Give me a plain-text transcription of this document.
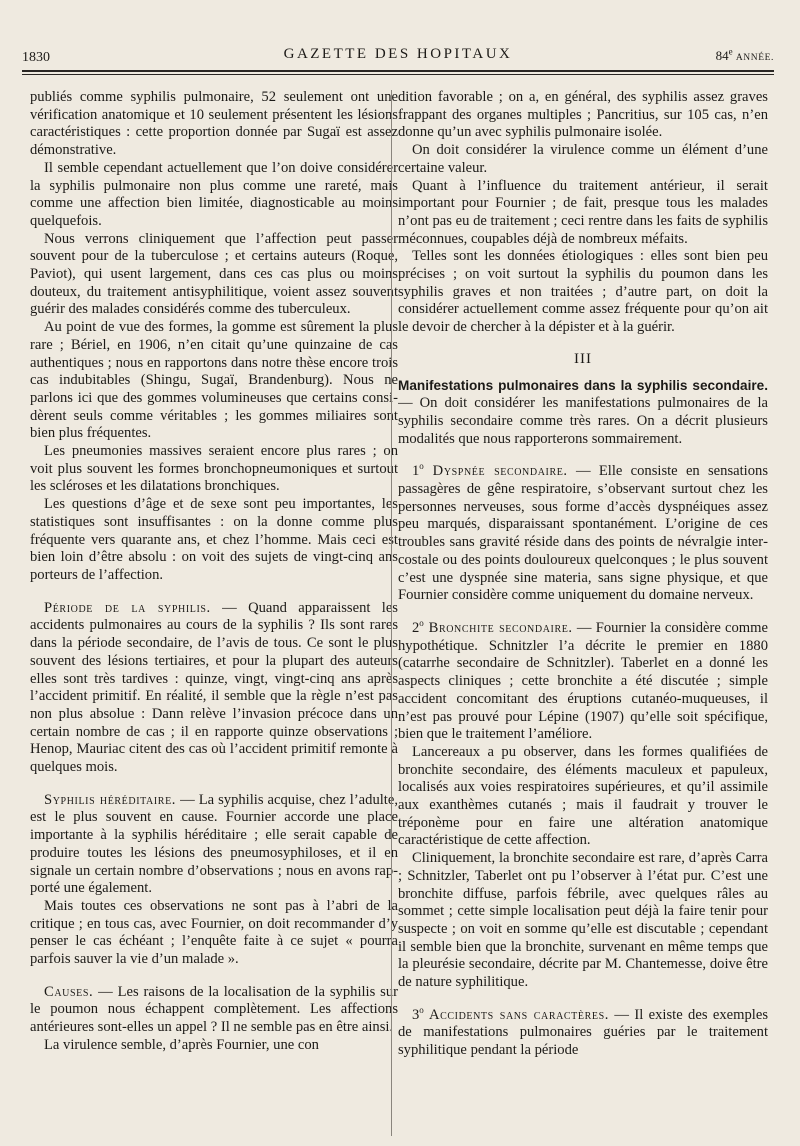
1830	GAZETTE DES HOPITAUX	84e ANNÉE.

publiés comme syphilis pulmonaire, 52 seulement ont une vérification anatomique et 10 seulement présentent les lésions caractéristiques : cette proportion donnée par Sugaï est assez démonstrative.

Il semble cependant actuellement que l’on doive considérer la syphilis pulmonaire non plus comme une rareté, mais comme une affection bien limitée, diagnosticable au moins quelquefois.

Nous verrons cliniquement que l’affection peut passer souvent pour de la tuberculose ; et certains auteurs (Roque, Paviot), qui usent largement, dans ces cas plus ou moins douteux, du traitement antisyphilitique, voient assez souvent guérir des malades considérés comme des tuberculeux.

Au point de vue des formes, la gomme est sûrement la plus rare ; Bériel, en 1906, n’en citait qu’une quinzaine de cas authentiques ; nous en rapportons dans notre thèse encore trois cas indubitables (Shingu, Sugaï, Brandenburg). Nous ne parlons ici que des gommes volumineuses que certains considèrent seuls comme véritables ; les gommes miliaires sont bien plus fréquentes.

Les pneumonies massives seraient encore plus rares ; on voit plus souvent les formes bronchopneumoniques et surtout les scléroses et les dilatations bronchiques.

Les questions d’âge et de sexe sont peu importantes, les statistiques sont insuffisantes : on la donne comme plus fréquente vers quarante ans, et chez l’homme. Mais ceci est bien loin d’être absolu : on voit des sujets de vingt-cinq ans porteurs de l’affection.

Période de la syphilis. — Quand apparaissent les accidents pulmonaires au cours de la syphilis ? Ils sont rares dans la période secondaire, de l’avis de tous. Ce sont le plus souvent des lésions tertiaires, et pour la plupart des auteurs elles sont très tardives : quinze, vingt, vingt-cinq ans après l’accident primitif. En réalité, il semble que la règle n’est pas non plus absolue : Dann relève l’invasion précoce dans un certain nombre de cas ; il en rapporte quinze observations ; Henop, Mauriac citent des cas où l’accident primitif remonte à quelques mois.

Syphilis héréditaire. — La syphilis acquise, chez l’adulte, est le plus souvent en cause. Fournier accorde une place importante à la syphilis héréditaire ; elle serait capable de produire toutes les lésions des pneumosyphiloses, et il en signale un certain nombre d’observations ; nous en avons rapporté une également.

Mais toutes ces observations ne sont pas à l’abri de la critique ; en tous cas, avec Fournier, on doit recommander d’y penser le cas échéant ; l’enquête faite à ce sujet « pourra parfois sauver la vie d’un malade ».

Causes. — Les raisons de la localisation de la syphilis sur le poumon nous échappent complètement. Les affections antérieures sont-elles un appel ? Il ne semble pas en être ainsi.

La virulence semble, d’après Fournier, une con

dition favorable ; on a, en général, des syphilis assez graves frappant des organes multiples ; Pancritius, sur 105 cas, n’en donne qu’un avec syphilis pulmonaire isolée.

On doit considérer la virulence comme un élément d’une certaine valeur.

Quant à l’influence du traitement antérieur, il serait important pour Fournier ; de fait, presque tous les malades n’ont pas eu de traitement ; ceci rentre dans les faits de syphilis méconnues, coupables déjà de nombreux méfaits.

Telles sont les données étiologiques : elles sont bien peu précises ; on voit surtout la syphilis du poumon dans les syphilis graves et non traitées ; d’autre part, on doit la considérer actuellement comme assez fréquente pour qu’on ait le devoir de chercher à la dépister et à la guérir.

III

Manifestations pulmonaires dans la syphilis secondaire. — On doit considérer les manifestations pulmonaires de la syphilis secondaire comme très rares. On a décrit plusieurs modalités que nous rapporterons sommairement.

1$^o$ Dyspnée secondaire. — Elle consiste en sensations passagères de gêne respiratoire, s’observant surtout chez les personnes nerveuses, sous forme d’accès dyspnéiques assez peu marqués, disparaissant spontanément. L’origine de ces troubles sans gravité réside dans des points de névralgie intercostale ou des points douloureux quelconques ; le plus souvent c’est une dyspnée sine materia, sans signe physique, et que Fournier considère comme uniquement du domaine nerveux.

2$^o$ Bronchite secondaire. — Fournier la considère comme hypothétique. Schnitzler l’a décrite le premier en 1880 (catarrhe secondaire de Schnitzler). Taberlet en a donné les aspects cliniques ; cette bronchite a été discutée ; simple accident concomitant des éruptions cutanéo-muqueuses, il n’est pas prouvé pour Lépine (1907) qu’elle soit spécifique, bien que le traitement l’améliore.

Lancereaux a pu observer, dans les formes qualifiées de bronchite secondaire, des éléments maculeux et papuleux, localisés aux voies respiratoires supérieures, et qu’il assimile aux exanthèmes cutanés ; mais il faudrait y trouver le tréponème pour en faire une altération anatomique caractéristique de cette affection.

Cliniquement, la bronchite secondaire est rare, d’après Carra ; Schnitzler, Taberlet ont pu l’observer à l’état pur. C’est une bronchite diffuse, parfois fébrile, avec quelques râles au sommet ; cette simple localisation peut déjà la faire tenir pour suspecte ; on voit en somme qu’elle est discutable ; cependant il semble bien que la bronchite, survenant en même temps que la pleurésie secondaire, décrite par M. Chantemesse, doive être de nature syphilitique.

3$^o$ Accidents sans caractères. — Il existe des exemples de manifestations pulmonaires guéries par le traitement syphilitique pendant la période
